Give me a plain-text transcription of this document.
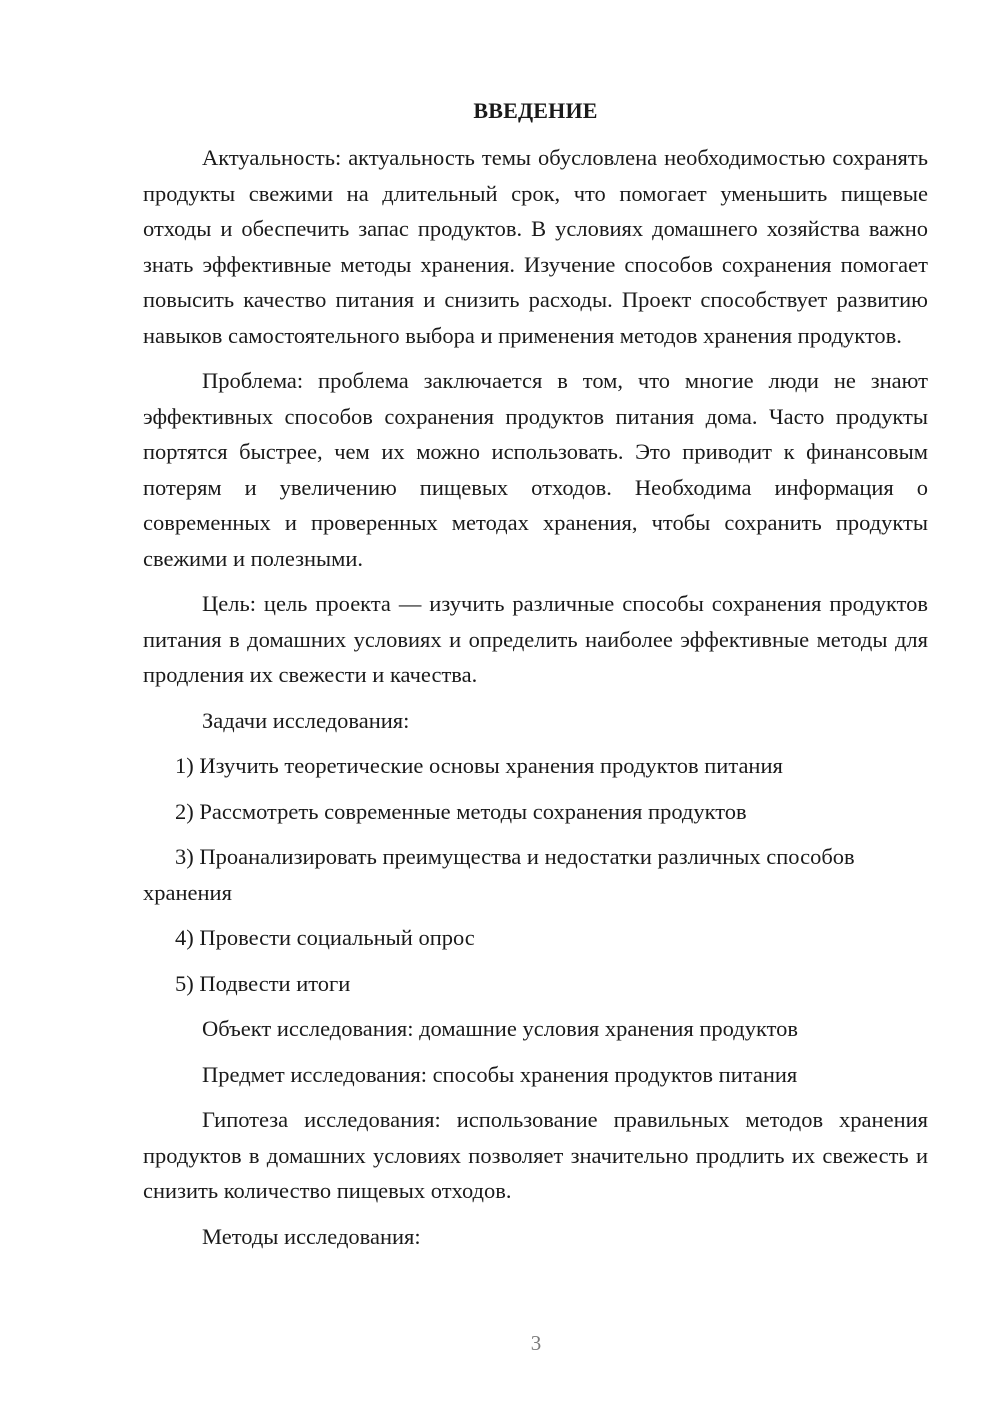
ВВЕДЕНИЕ

Актуальность: актуальность темы обусловлена необходимостью сохранять продукты свежими на длительный срок, что помогает уменьшить пищевые отходы и обеспечить запас продуктов. В условиях домашнего хозяйства важно знать эффективные методы хранения. Изучение способов сохранения помогает повысить качество питания и снизить расходы. Проект способствует развитию навыков самостоятельного выбора и применения методов хранения продуктов.

Проблема: проблема заключается в том, что многие люди не знают эффективных способов сохранения продуктов питания дома. Часто продукты портятся быстрее, чем их можно использовать. Это приводит к финансовым потерям и увеличению пищевых отходов. Необходима информация о современных и проверенных методах хранения, чтобы сохранить продукты свежими и полезными.

Цель: цель проекта — изучить различные способы сохранения продуктов питания в домашних условиях и определить наиболее эффективные методы для продления их свежести и качества.

Задачи исследования:

1) Изучить теоретические основы хранения продуктов питания

2) Рассмотреть современные методы сохранения продуктов

3) Проанализировать преимущества и недостатки различных способов хранения

4) Провести социальный опрос

5) Подвести итоги

Объект исследования: домашние условия хранения продуктов

Предмет исследования: способы хранения продуктов питания

Гипотеза исследования: использование правильных методов хранения продуктов в домашних условиях позволяет значительно продлить их свежесть и снизить количество пищевых отходов.

Методы исследования:

3
